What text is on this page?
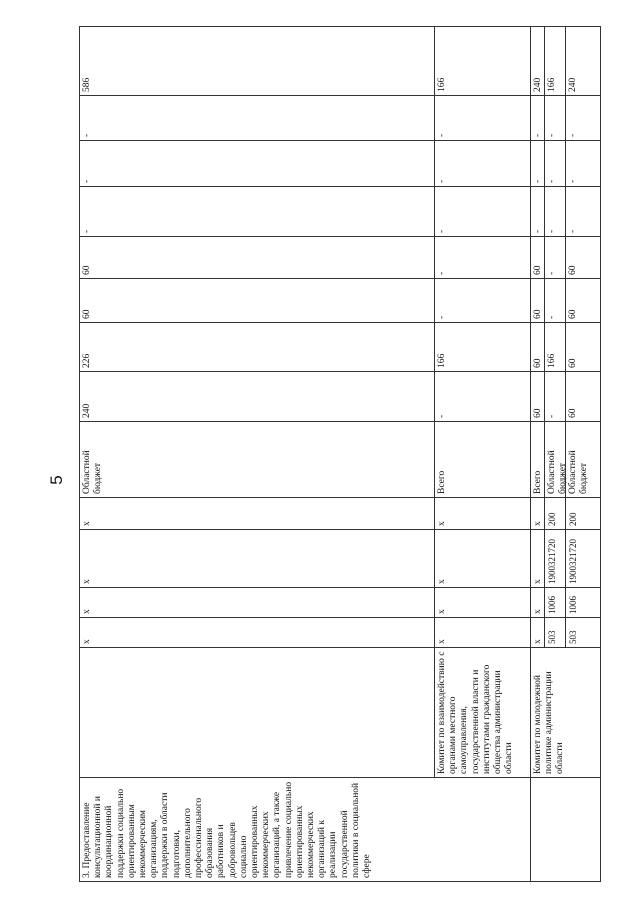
5
3. Предоставление консультационной и координационной поддержки социально ориентированным некоммерческим организациям, поддержки в области подготовки, дополнительного профессионального образования работников и добровольцев социально ориентированных некоммерческих организаций, а также привлечение социально ориентированных некоммерческих организаций к реализации государственной политики в социальной сфере		х	х	х	х	Областной бюджет	240	226	60	60	-	-	-	586
	Комитет по взаимодействию с органами местного самоуправления, государственной власти и институтами гражданского общества администрации области	х	х	х	х	Всего	-	166	-	-	-	-	-	166
		503	1006	1900321720	200	Областной бюджет	-	166	-	-	-	-	-	166
	Комитет по молодежной политике администрации области	х	х	х	х	Всего	60	60	60	60	-	-	-	240
		503	1006	1900321720	200	Областной бюджет	60	60	60	60	-	-	-	240
